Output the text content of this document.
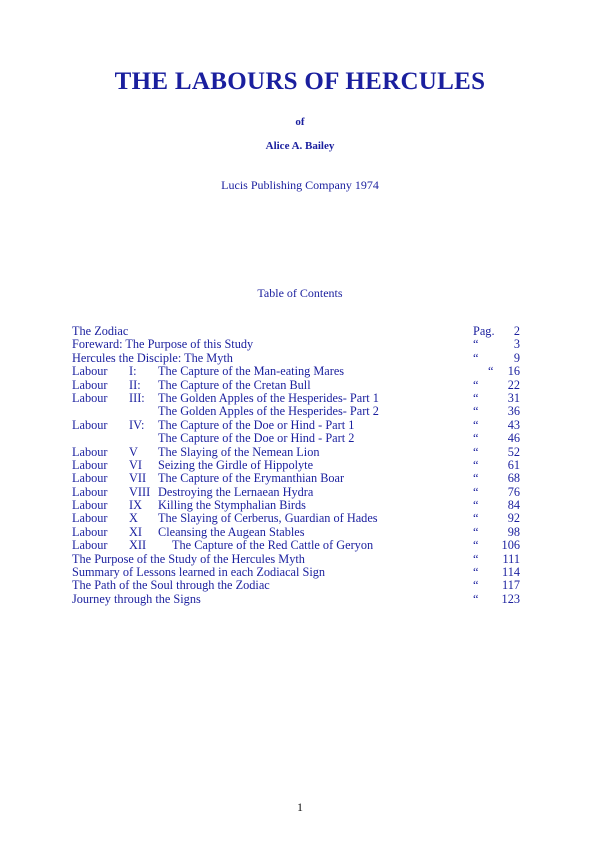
THE LABOURS OF HERCULES
of
Alice A. Bailey
Lucis Publishing Company 1974
Table of Contents
The Zodiac	Pag. 2
Foreward: The Purpose of this Study	“	3
Hercules the Disciple: The Myth	“	9
Labour I: The Capture of the Man-eating Mares	“ 16
Labour II: The Capture of the Cretan Bull	“ 22
Labour III: The Golden Apples of the Hesperides- Part 1	“ 31
The Golden Apples of the Hesperides- Part 2	“ 36
Labour IV: The Capture of the Doe or Hind - Part 1	“ 43
The Capture of the Doe or Hind - Part 2	“ 46
Labour V The Slaying of the Nemean Lion	“ 52
Labour VI Seizing the Girdle of Hippolyte	“ 61
Labour VII The Capture of the Erymanthian Boar	“ 68
Labour VIII Destroying the Lernaean Hydra	“ 76
Labour IX Killing the Stymphalian Birds	“ 84
Labour X The Slaying of Cerberus, Guardian of Hades	“ 92
Labour XI Cleansing the Augean Stables	“ 98
Labour XII The Capture of the Red Cattle of Geryon	“ 106
The Purpose of the Study of the Hercules Myth	“ 111
Summary of Lessons learned in each Zodiacal Sign	“ 114
The Path of the Soul through the Zodiac	“ 117
Journey through the Signs	“ 123
1
